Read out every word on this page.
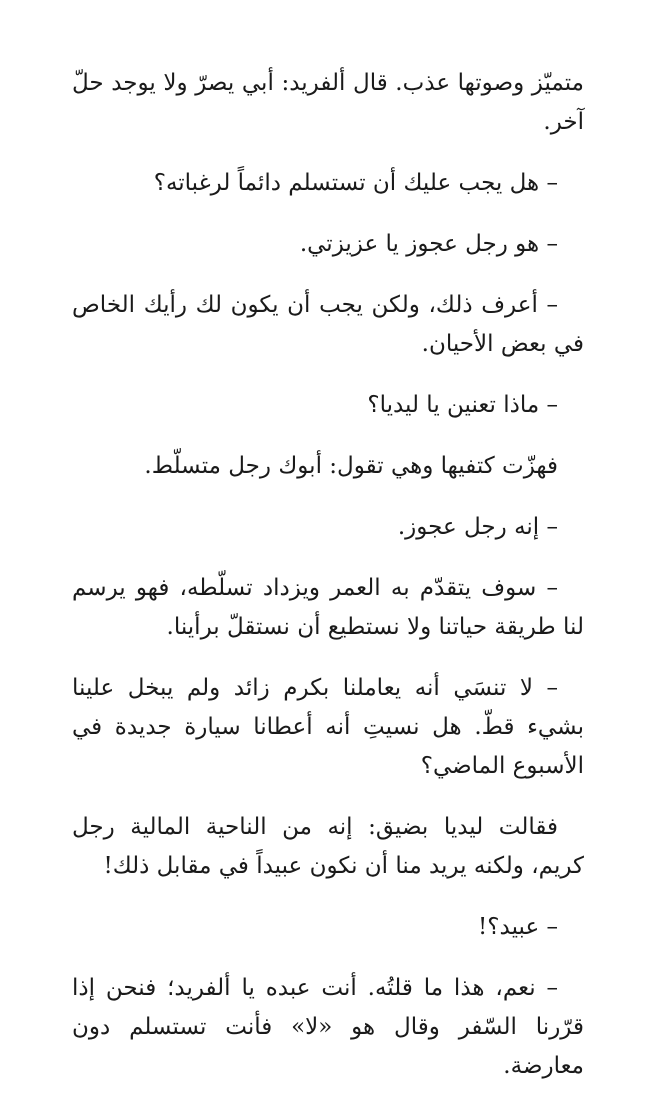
متميّز وصوتها عذب. قال ألفريد: أبي يصرّ ولا يوجد حلّ آخر.

– هل يجب عليك أن تستسلم دائماً لرغباته؟

– هو رجل عجوز يا عزيزتي.

– أعرف ذلك، ولكن يجب أن يكون لك رأيك الخاص في بعض الأحيان.

– ماذا تعنين يا ليديا؟

فهزّت كتفيها وهي تقول: أبوك رجل متسلّط.

– إنه رجل عجوز.

– سوف يتقدّم به العمر ويزداد تسلّطه، فهو يرسم لنا طريقة حياتنا ولا نستطيع أن نستقلّ برأينا.

– لا تنسَي أنه يعاملنا بكرم زائد ولم يبخل علينا بشيء قطّ. هل نسيتِ أنه أعطانا سيارة جديدة في الأسبوع الماضي؟

فقالت ليديا بضيق: إنه من الناحية المالية رجل كريم، ولكنه يريد منا أن نكون عبيداً في مقابل ذلك!

– عبيد؟!

– نعم، هذا ما قلتُه. أنت عبده يا ألفريد؛ فنحن إذا قرّرنا السّفر وقال هو «لا» فأنت تستسلم دون معارضة.
